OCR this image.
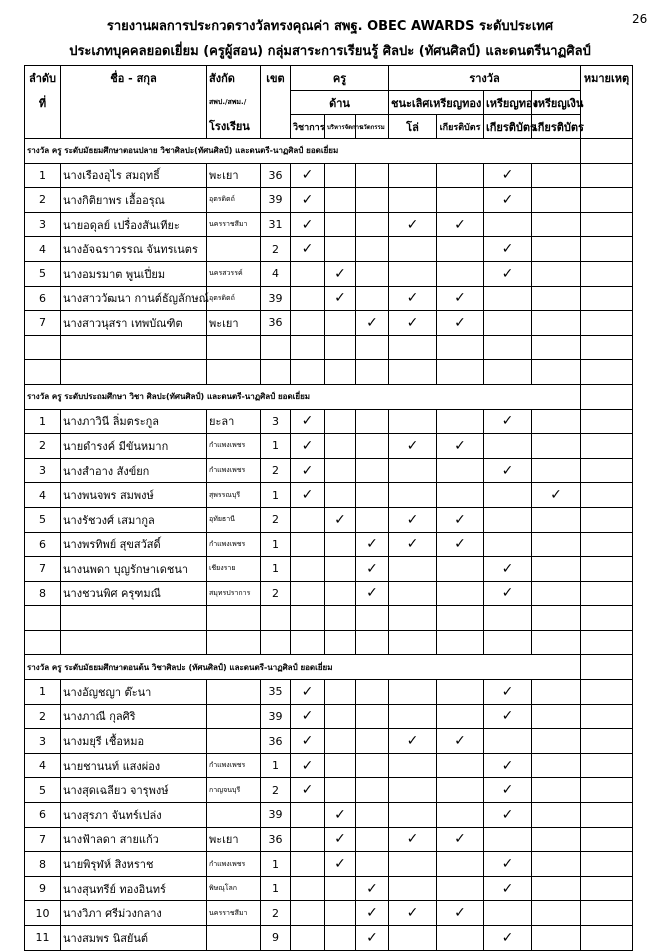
26
รายงานผลการประกวดรางวัลทรงคุณค่า สพฐ. OBEC AWARDS ระดับประเทศ
ประเภทบุคคลยอดเยี่ยม (ครูผู้สอน) กลุ่มสาระการเรียนรู้ ศิลปะ (ทัศนศิลป์) และดนตรีนาฏศิลป์
ลำดับ	ชื่อ - สกุล	สังกัด	เขต	ครู			รางวัล				หมายเหตุ
ที่		สพป./สพม./		ด้าน			ชนะเลิศเหรียญทอง		เหรียญทอง	เหรียญเงิน	
		โรงเรียน		วิชาการ	บริหารจัดการ	นวัตกรรม	โล่	เกียรติบัตร	เกียรติบัตร	เกียรติบัตร	
รางวัล ครู ระดับมัธยมศึกษาตอนปลาย วิชาศิลปะ(ทัศนศิลป์) และดนตรี-นาฏศิลป์ ยอดเยี่ยม											
1	นางเรืองอุไร สมฤทธิ์	พะเยา	36	✓					✓		
2	นางกิติยาพร เอื้ออรุณ	อุตรดิตถ์	39	✓					✓		
3	นายอดุลย์ เปรื่องสันเทียะ	นครราชสีมา	31	✓			✓	✓			
4	นางอัจฉราวรรณ จันทรเนตร		2	✓					✓		
5	นางอมรมาต พูนเปี่ยม	นครสวรรค์	4		✓				✓		
6	นางสาววัฒนา กานต์ธัญลักษณ์	อุตรดิตถ์	39		✓		✓	✓			
7	นางสาวนุสรา เทพบัณฑิต	พะเยา	36			✓	✓	✓			

รางวัล ครู ระดับประถมศึกษา วิชา ศิลปะ(ทัศนศิลป์) และดนตรี-นาฏศิลป์ ยอดเยี่ยม											
1	นางภาวินี ลิ่มตระกูล	ยะลา	3	✓					✓		
2	นายดำรงค์ มีขันหมาก	กำแพงเพชร	1	✓			✓	✓			
3	นางสำอาง สังข์ยก	กำแพงเพชร	2	✓					✓		
4	นางพนจพร สมพงษ์	สุพรรณบุรี	1	✓						✓	
5	นางรัชวงศ์ เสมากูล	อุทัยธานี	2		✓		✓	✓			
6	นางพรทิพย์ สุขสวัสดิ์	กำแพงเพชร	1			✓	✓	✓			
7	นางนพดา บุญรักษาเดชนา	เชียงราย	1			✓			✓		
8	นางชวนพิศ ครุฑมณี	สมุทรปราการ	2			✓			✓		

รางวัล ครู ระดับมัธยมศึกษาตอนต้น วิชาศิลปะ (ทัศนศิลป์) และดนตรี-นาฏศิลป์ ยอดเยี่ยม											
1	นางอัญชญา ต๊ะนา		35	✓					✓		
2	นางภาณี กุลศิริ		39	✓					✓		
3	นางมยุรี เชื้อหมอ		36	✓			✓	✓			
4	นายชานนท์ แสงผ่อง	กำแพงเพชร	1	✓					✓		
5	นางสุดเฉลียว จารุพงษ์	กาญจนบุรี	2	✓					✓		
6	นางสุรภา จันทร์เปล่ง		39		✓				✓		
7	นางฟ้าลดา สายแก้ว	พะเยา	36		✓		✓	✓			
8	นายพิรุฬห์ สิงหราช	กำแพงเพชร	1		✓				✓		
9	นางสุนทรีย์ ทองอินทร์	พิษณุโลก	1			✓			✓		
10	นางวิภา ศรีม่วงกลาง	นครราชสีมา	2			✓	✓	✓			
11	นางสมพร นิสยันต์		9			✓			✓		
